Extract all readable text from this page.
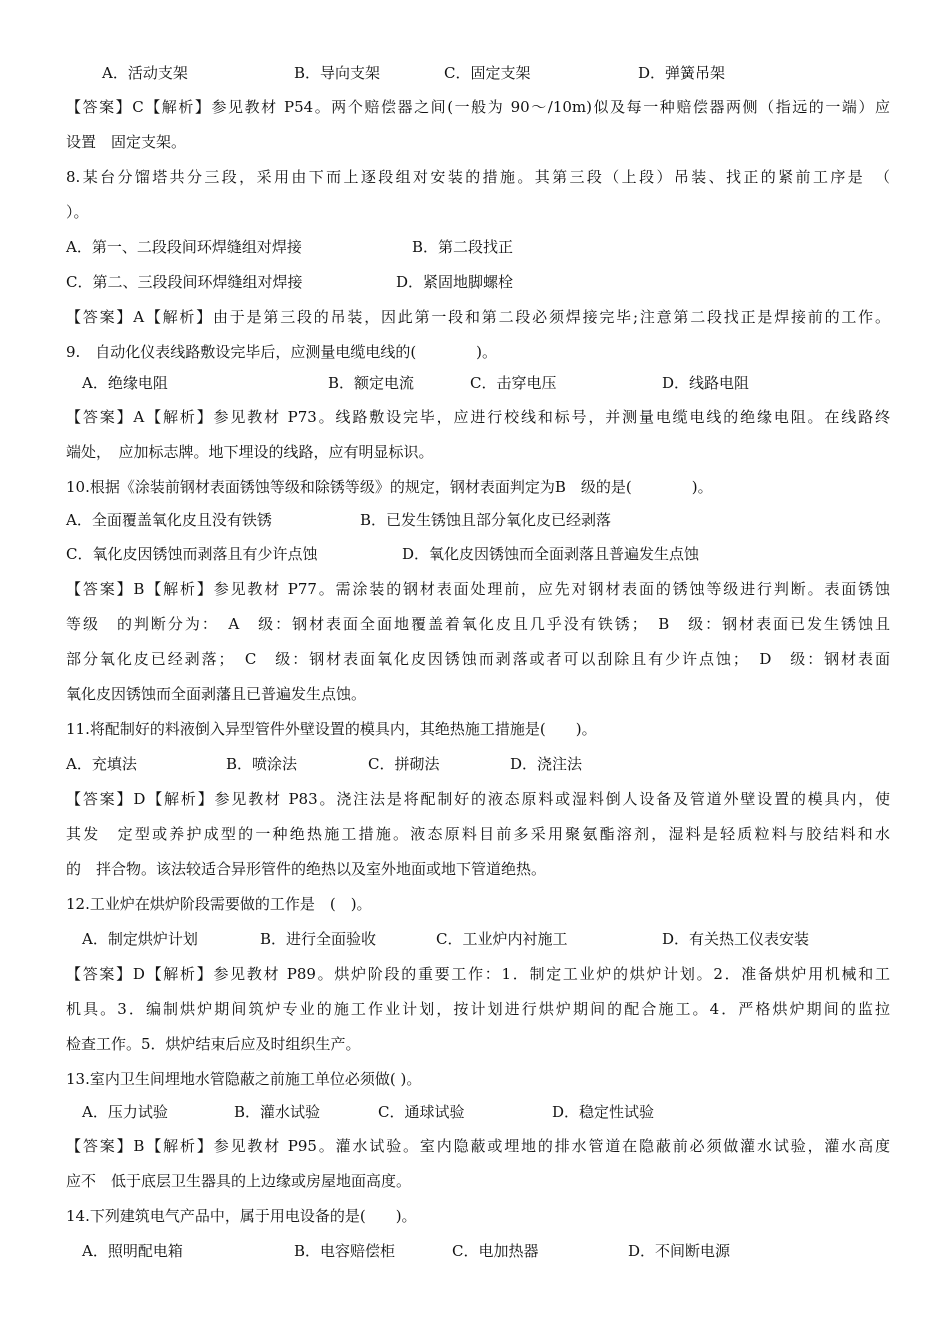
A．活动支架	B．导向支架	C．固定支架	D．弹簧吊架
【答案】C【解析】参见教材 P54。两个赔偿器之间(一般为 90～/10m)似及每一种赔偿器两侧（指远的一端）应
设置　固定支架。
8.某台分馏塔共分三段，采用由下而上逐段组对安装的措施。其第三段（上段）吊装、找正的紧前工序是　（
）。
A．第一、二段段间环焊缝组对焊接	B．第二段找正
C．第二、三段段间环焊缝组对焊接	D．紧固地脚螺栓
【答案】A【解析】由于是第三段的吊装，因此第一段和第二段必须焊接完毕;注意第二段找正是焊接前的工作。
9.　自动化仪表线路敷设完毕后，应测量电缆电线的(　　　　)。
A．绝缘电阻	B．额定电流	C．击穿电压	D．线路电阻
【答案】A【解析】参见教材 P73。线路敷设完毕，应进行校线和标号，并测量电缆电线的绝缘电阻。在线路终
端处，　应加标志牌。地下埋设的线路，应有明显标识。
10.根据《涂装前钢材表面锈蚀等级和除锈等级》的规定，钢材表面判定为B　级的是(　　　　)。
A．全面覆盖氧化皮且没有铁锈	B．已发生锈蚀且部分氧化皮已经剥落
C．氧化皮因锈蚀而剥落且有少许点蚀	D．氧化皮因锈蚀而全面剥落且普遍发生点蚀
【答案】B【解析】参见教材 P77。需涂装的钢材表面处理前，应先对钢材表面的锈蚀等级进行判断。表面锈蚀
等级　的判断分为：　A　级：钢材表面全面地覆盖着氧化皮且几乎没有铁锈；　B　级：钢材表面已发生锈蚀且
部分氧化皮已经剥落；　C　级：钢材表面氧化皮因锈蚀而剥落或者可以刮除且有少许点蚀；　D　级：钢材表面
氧化皮因锈蚀而全面剥藩且已普遍发生点蚀。
11.将配制好的料液倒入异型管件外壁设置的模具内，其绝热施工措施是(　　)。
A．充填法	B．喷涂法	C．拼砌法	D．浇注法
【答案】D【解析】参见教材 P83。浇注法是将配制好的液态原料或湿料倒人设备及管道外壁设置的模具内，使
其发　定型或养护成型的一种绝热施工措施。液态原料目前多采用聚氨酯溶剂，湿料是轻质粒料与胶结料和水
的　拌合物。该法较适合异形管件的绝热以及室外地面或地下管道绝热。
12.工业炉在烘炉阶段需要做的工作是　(　)。
A．制定烘炉计划	B．进行全面验收	C．工业炉内衬施工	D．有关热工仪表安装
【答案】D【解析】参见教材 P89。烘炉阶段的重要工作：1．制定工业炉的烘炉计划。2．准备烘炉用机械和工
机具。3．编制烘炉期间筑炉专业的施工作业计划，按计划进行烘炉期间的配合施工。4．严格烘炉期间的监拉
检查工作。5．烘炉结束后应及时组织生产。
13.室内卫生间埋地水管隐蔽之前施工单位必须做( )。
A．压力试验	B．灌水试验	C．通球试验	D．稳定性试验
【答案】B【解析】参见教材 P95。灌水试验。室内隐蔽或埋地的排水管道在隐蔽前必须做灌水试验，灌水高度
应不　低于底层卫生器具的上边缘或房屋地面高度。
14.下列建筑电气产品中，属于用电设备的是(　　)。
A．照明配电箱	B．电容赔偿柜	C．电加热器	D．不间断电源
